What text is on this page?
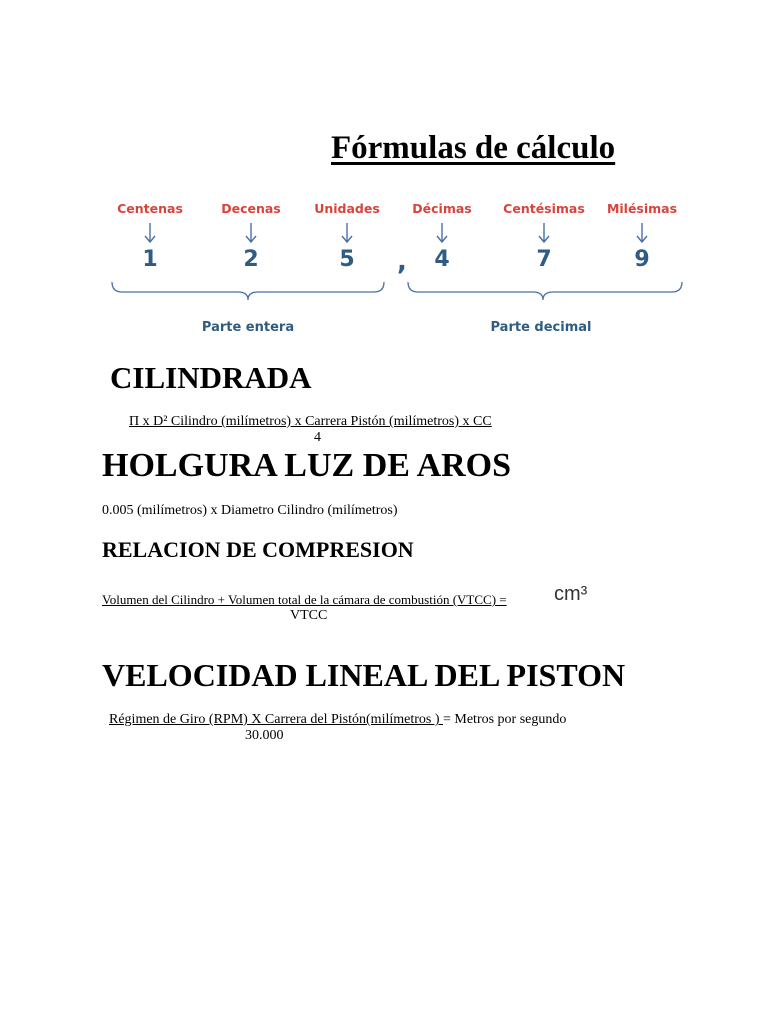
Fórmulas de cálculo
Centenas
1
Decenas
2
Unidades
5
Décimas
4
Centésimas
7
Milésimas
9
,
Parte entera	Parte decimal
CILINDRADA
Π x D² Cilindro (milímetros) x Carrera Pistón (milímetros) x CC
4
HOLGURA LUZ DE AROS
0.005 (milímetros) x Diametro Cilindro (milímetros)
RELACION DE COMPRESION
Volumen del Cilindro + Volumen total de la cámara de combustión (VTCC) = cm³
VTCC
VELOCIDAD LINEAL DEL PISTON
Régimen de Giro (RPM) X Carrera del Pistón(milímetros ) = Metros por segundo
30.000
